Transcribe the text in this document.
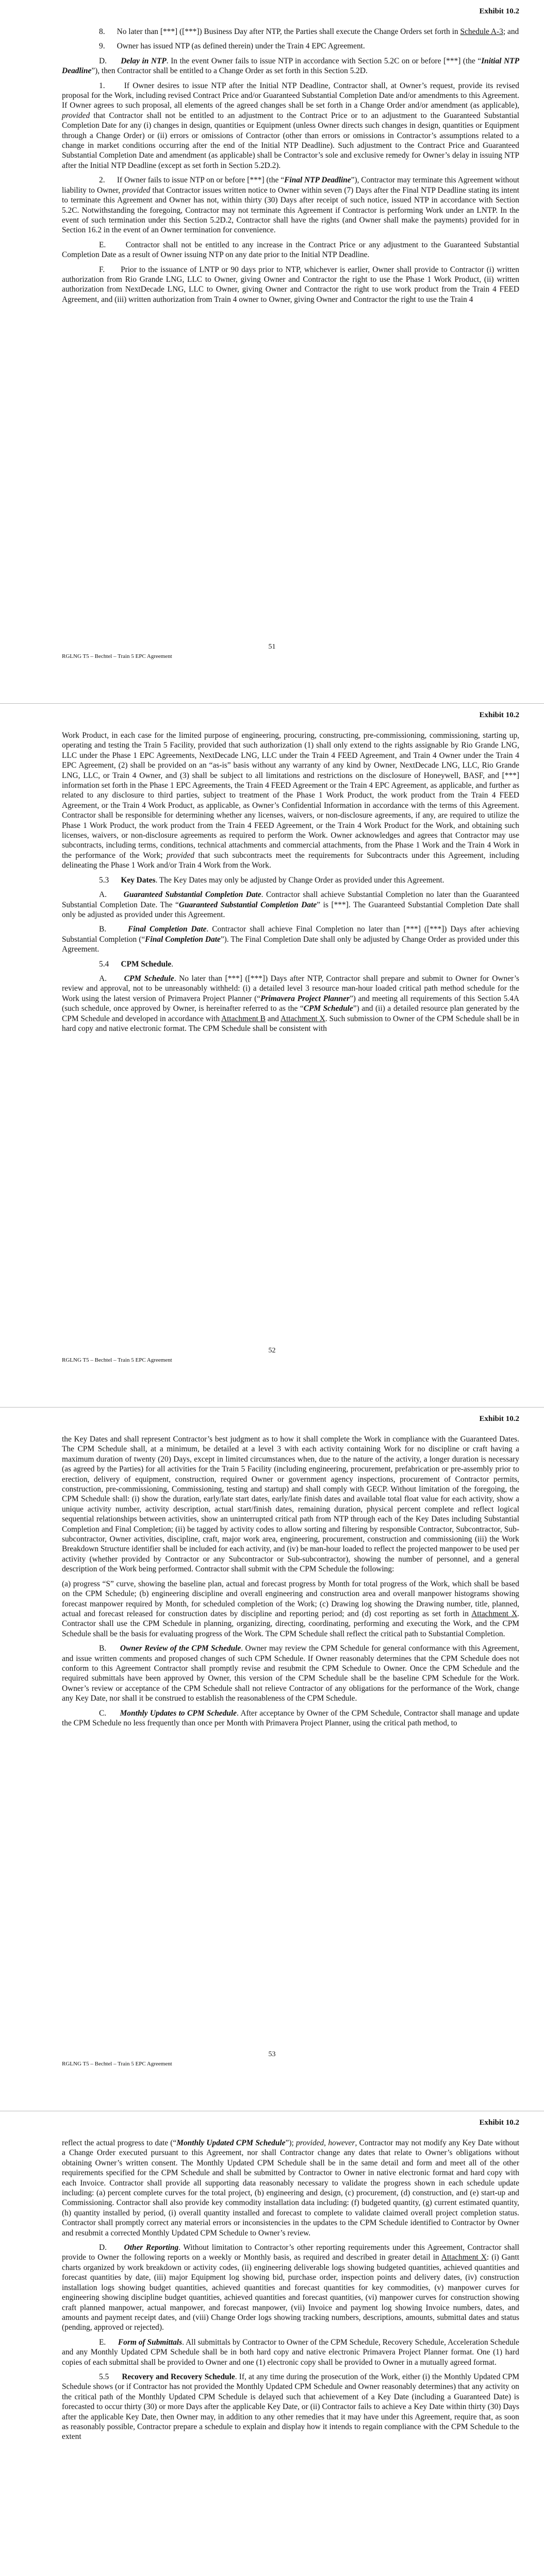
Exhibit 10.2

8.      No later than [***] ([***]) Business Day after NTP, the Parties shall execute the Change Orders set forth in Schedule A-3; and

9.      Owner has issued NTP (as defined therein) under the Train 4 EPC Agreement.

D.      Delay in NTP. In the event Owner fails to issue NTP in accordance with Section 5.2C on or before [***] (the “Initial NTP Deadline”), then Contractor shall be entitled to a Change Order as set forth in this Section 5.2D.

1.      If Owner desires to issue NTP after the Initial NTP Deadline, Contractor shall, at Owner’s request, provide its revised proposal for the Work, including revised Contract Price and/or Guaranteed Substantial Completion Date and/or amendments to this Agreement. If Owner agrees to such proposal, all elements of the agreed changes shall be set forth in a Change Order and/or amendment (as applicable), provided that Contractor shall not be entitled to an adjustment to the Contract Price or to an adjustment to the Guaranteed Substantial Completion Date for any (i) changes in design, quantities or Equipment (unless Owner directs such changes in design, quantities or Equipment through a Change Order) or (ii) errors or omissions of Contractor (other than errors or omissions in Contractor’s assumptions related to a change in market conditions occurring after the end of the Initial NTP Deadline). Such adjustment to the Contract Price and Guaranteed Substantial Completion Date and amendment (as applicable) shall be Contractor’s sole and exclusive remedy for Owner’s delay in issuing NTP after the Initial NTP Deadline (except as set forth in Section 5.2D.2).

2.      If Owner fails to issue NTP on or before [***] (the “Final NTP Deadline”), Contractor may terminate this Agreement without liability to Owner, provided that Contractor issues written notice to Owner within seven (7) Days after the Final NTP Deadline stating its intent to terminate this Agreement and Owner has not, within thirty (30) Days after receipt of such notice, issued NTP in accordance with Section 5.2C. Notwithstanding the foregoing, Contractor may not terminate this Agreement if Contractor is performing Work under an LNTP. In the event of such termination under this Section 5.2D.2, Contractor shall have the rights (and Owner shall make the payments) provided for in Section 16.2 in the event of an Owner termination for convenience.

E.      Contractor shall not be entitled to any increase in the Contract Price or any adjustment to the Guaranteed Substantial Completion Date as a result of Owner issuing NTP on any date prior to the Initial NTP Deadline.

F.      Prior to the issuance of LNTP or 90 days prior to NTP, whichever is earlier, Owner shall provide to Contractor (i) written authorization from Rio Grande LNG, LLC to Owner, giving Owner and Contractor the right to use the Phase 1 Work Product, (ii) written authorization from NextDecade LNG, LLC to Owner, giving Owner and Contractor the right to use work product from the Train 4 FEED Agreement, and (iii) written authorization from Train 4 owner to Owner, giving Owner and Contractor the right to use the Train 4

51
RGLNG T5 – Bechtel – Train 5 EPC Agreement
Exhibit 10.2

Work Product, in each case for the limited purpose of engineering, procuring, constructing, pre-commissioning, commissioning, starting up, operating and testing the Train 5 Facility, provided that such authorization (1) shall only extend to the rights assignable by Rio Grande LNG, LLC under the Phase 1 EPC Agreements, NextDecade LNG, LLC under the Train 4 FEED Agreement, and Train 4 Owner under the Train 4 EPC Agreement, (2) shall be provided on an “as-is” basis without any warranty of any kind by Owner, NextDecade LNG, LLC, Rio Grande LNG, LLC, or Train 4 Owner, and (3) shall be subject to all limitations and restrictions on the disclosure of Honeywell, BASF, and [***] information set forth in the Phase 1 EPC Agreements, the Train 4 FEED Agreement or the Train 4 EPC Agreement, as applicable, and further as related to any disclosure to third parties, subject to treatment of the Phase 1 Work Product, the work product from the Train 4 FEED Agreement, or the Train 4 Work Product, as applicable, as Owner’s Confidential Information in accordance with the terms of this Agreement. Contractor shall be responsible for determining whether any licenses, waivers, or non-disclosure agreements, if any, are required to utilize the Phase 1 Work Product, the work product from the Train 4 FEED Agreement, or the Train 4 Work Product for the Work, and obtaining such licenses, waivers, or non-disclosure agreements as required to perform the Work. Owner acknowledges and agrees that Contractor may use subcontracts, including terms, conditions, technical attachments and commercial attachments, from the Phase 1 Work and the Train 4 Work in the performance of the Work; provided that such subcontracts meet the requirements for Subcontracts under this Agreement, including delineating the Phase 1 Work and/or Train 4 Work from the Work.

5.3      Key Dates. The Key Dates may only be adjusted by Change Order as provided under this Agreement.

A.      Guaranteed Substantial Completion Date. Contractor shall achieve Substantial Completion no later than the Guaranteed Substantial Completion Date. The “Guaranteed Substantial Completion Date” is [***]. The Guaranteed Substantial Completion Date shall only be adjusted as provided under this Agreement.

B.      Final Completion Date. Contractor shall achieve Final Completion no later than [***] ([***]) Days after achieving Substantial Completion (“Final Completion Date”). The Final Completion Date shall only be adjusted by Change Order as provided under this Agreement.

5.4      CPM Schedule.

A.      CPM Schedule. No later than [***] ([***]) Days after NTP, Contractor shall prepare and submit to Owner for Owner’s review and approval, not to be unreasonably withheld: (i) a detailed level 3 resource man-hour loaded critical path method schedule for the Work using the latest version of Primavera Project Planner (“Primavera Project Planner”) and meeting all requirements of this Section 5.4A (such schedule, once approved by Owner, is hereinafter referred to as the “CPM Schedule”) and (ii) a detailed resource plan generated by the CPM Schedule and developed in accordance with Attachment B and Attachment X. Such submission to Owner of the CPM Schedule shall be in hard copy and native electronic format. The CPM Schedule shall be consistent with

52
RGLNG T5 – Bechtel – Train 5 EPC Agreement
Exhibit 10.2

the Key Dates and shall represent Contractor’s best judgment as to how it shall complete the Work in compliance with the Guaranteed Dates. The CPM Schedule shall, at a minimum, be detailed at a level 3 with each activity containing Work for no discipline or craft having a maximum duration of twenty (20) Days, except in limited circumstances when, due to the nature of the activity, a longer duration is necessary (as agreed by the Parties) for all activities for the Train 5 Facility (including engineering, procurement, prefabrication or pre-assembly prior to erection, delivery of equipment, construction, required Owner or government agency inspections, procurement of Contractor permits, construction, pre-commissioning, Commissioning, testing and startup) and shall comply with GECP. Without limitation of the foregoing, the CPM Schedule shall: (i) show the duration, early/late start dates, early/late finish dates and available total float value for each activity, show a unique activity number, activity description, actual start/finish dates, remaining duration, physical percent complete and reflect logical sequential relationships between activities, show an uninterrupted critical path from NTP through each of the Key Dates including Substantial Completion and Final Completion; (ii) be tagged by activity codes to allow sorting and filtering by responsible Contractor, Subcontractor, Sub-subcontractor, Owner activities, discipline, craft, major work area, engineering, procurement, construction and commissioning (iii) the Work Breakdown Structure identifier shall be included for each activity, and (iv) be man-hour loaded to reflect the projected manpower to be used per activity (whether provided by Contractor or any Subcontractor or Sub-subcontractor), showing the number of personnel, and a general description of the Work being performed. Contractor shall submit with the CPM Schedule the following:

(a) progress “S” curve, showing the baseline plan, actual and forecast progress by Month for total progress of the Work, which shall be based on the CPM Schedule; (b) engineering discipline and overall engineering and construction area and overall manpower histograms showing forecast manpower required by Month, for scheduled completion of the Work; (c) Drawing log showing the Drawing number, title, planned, actual and forecast released for construction dates by discipline and reporting period; and (d) cost reporting as set forth in Attachment X. Contractor shall use the CPM Schedule in planning, organizing, directing, coordinating, performing and executing the Work, and the CPM Schedule shall be the basis for evaluating progress of the Work. The CPM Schedule shall reflect the critical path to Substantial Completion.

B.      Owner Review of the CPM Schedule. Owner may review the CPM Schedule for general conformance with this Agreement, and issue written comments and proposed changes of such CPM Schedule. If Owner reasonably determines that the CPM Schedule does not conform to this Agreement Contractor shall promptly revise and resubmit the CPM Schedule to Owner. Once the CPM Schedule and the required submittals have been approved by Owner, this version of the CPM Schedule shall be the baseline CPM Schedule for the Work. Owner’s review or acceptance of the CPM Schedule shall not relieve Contractor of any obligations for the performance of the Work, change any Key Date, nor shall it be construed to establish the reasonableness of the CPM Schedule.

C.      Monthly Updates to CPM Schedule. After acceptance by Owner of the CPM Schedule, Contractor shall manage and update the CPM Schedule no less frequently than once per Month with Primavera Project Planner, using the critical path method, to

53
RGLNG T5 – Bechtel – Train 5 EPC Agreement
Exhibit 10.2

reflect the actual progress to date (“Monthly Updated CPM Schedule”); provided, however, Contractor may not modify any Key Date without a Change Order executed pursuant to this Agreement, nor shall Contractor change any dates that relate to Owner’s obligations without obtaining Owner’s written consent. The Monthly Updated CPM Schedule shall be in the same detail and form and meet all of the other requirements specified for the CPM Schedule and shall be submitted by Contractor to Owner in native electronic format and hard copy with each Invoice. Contractor shall provide all supporting data reasonably necessary to validate the progress shown in each schedule update including: (a) percent complete curves for the total project, (b) engineering and design, (c) procurement, (d) construction, and (e) start-up and Commissioning. Contractor shall also provide key commodity installation data including: (f) budgeted quantity, (g) current estimated quantity, (h) quantity installed by period, (i) overall quantity installed and forecast to complete to validate claimed overall project completion status. Contractor shall promptly correct any material errors or inconsistencies in the updates to the CPM Schedule identified to Contractor by Owner and resubmit a corrected Monthly Updated CPM Schedule to Owner’s review.

D.      Other Reporting. Without limitation to Contractor’s other reporting requirements under this Agreement, Contractor shall provide to Owner the following reports on a weekly or Monthly basis, as required and described in greater detail in Attachment X: (i) Gantt charts organized by work breakdown or activity codes, (ii) engineering deliverable logs showing budgeted quantities, achieved quantities and forecast quantities by date, (iii) major Equipment log showing bid, purchase order, inspection points and delivery dates, (iv) construction installation logs showing budget quantities, achieved quantities and forecast quantities for key commodities, (v) manpower curves for engineering showing discipline budget quantities, achieved quantities and forecast quantities, (vi) manpower curves for construction showing craft planned manpower, actual manpower, and forecast manpower, (vii) Invoice and payment log showing Invoice numbers, dates, and amounts and payment receipt dates, and (viii) Change Order logs showing tracking numbers, descriptions, amounts, submittal dates and status (pending, approved or rejected).

E.      Form of Submittals. All submittals by Contractor to Owner of the CPM Schedule, Recovery Schedule, Acceleration Schedule and any Monthly Updated CPM Schedule shall be in both hard copy and native electronic Primavera Project Planner format. One (1) hard copies of each submittal shall be provided to Owner and one (1) electronic copy shall be provided to Owner in a mutually agreed format.

5.5      Recovery and Recovery Schedule. If, at any time during the prosecution of the Work, either (i) the Monthly Updated CPM Schedule shows (or if Contractor has not provided the Monthly Updated CPM Schedule and Owner reasonably determines) that any activity on the critical path of the Monthly Updated CPM Schedule is delayed such that achievement of a Key Date (including a Guaranteed Date) is forecasted to occur thirty (30) or more Days after the applicable Key Date, or (ii) Contractor fails to achieve a Key Date within thirty (30) Days after the applicable Key Date, then Owner may, in addition to any other remedies that it may have under this Agreement, require that, as soon as reasonably possible, Contractor prepare a schedule to explain and display how it intends to regain compliance with the CPM Schedule to the extent
